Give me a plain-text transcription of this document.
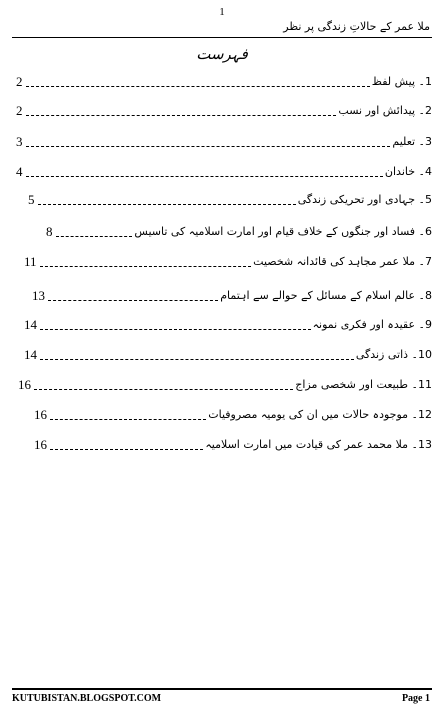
1
ملا عمر کے حالاتِ زندگی پر نظر
فہرست
2	1۔ پیش لفظ
2	2۔ پیدائش اور نسب
3	3۔ تعلیم
4	4۔ خاندان
5	5۔ جہادی اور تحریکی زندگی
8	6۔ فساد اور جنگوں کے خلاف قیام اور امارت اسلامیہ کی تاسیس
11	7۔ ملا عمر مجاہد کی قائدانہ شخصیت
13	8۔ عالم اسلام کے مسائل کے حوالے سے اہتمام
14	9۔ عقیدہ اور فکری نمونہ
14	10۔ ذاتی زندگی
16	11۔ طبیعت اور شخصی مزاج
16	12۔ موجودہ حالات میں ان کی یومیہ مصروفیات
16	13۔ ملا محمد عمر کی قیادت میں امارت اسلامیہ
KUTUBISTAN.BLOGSPOT.COM	Page 1
